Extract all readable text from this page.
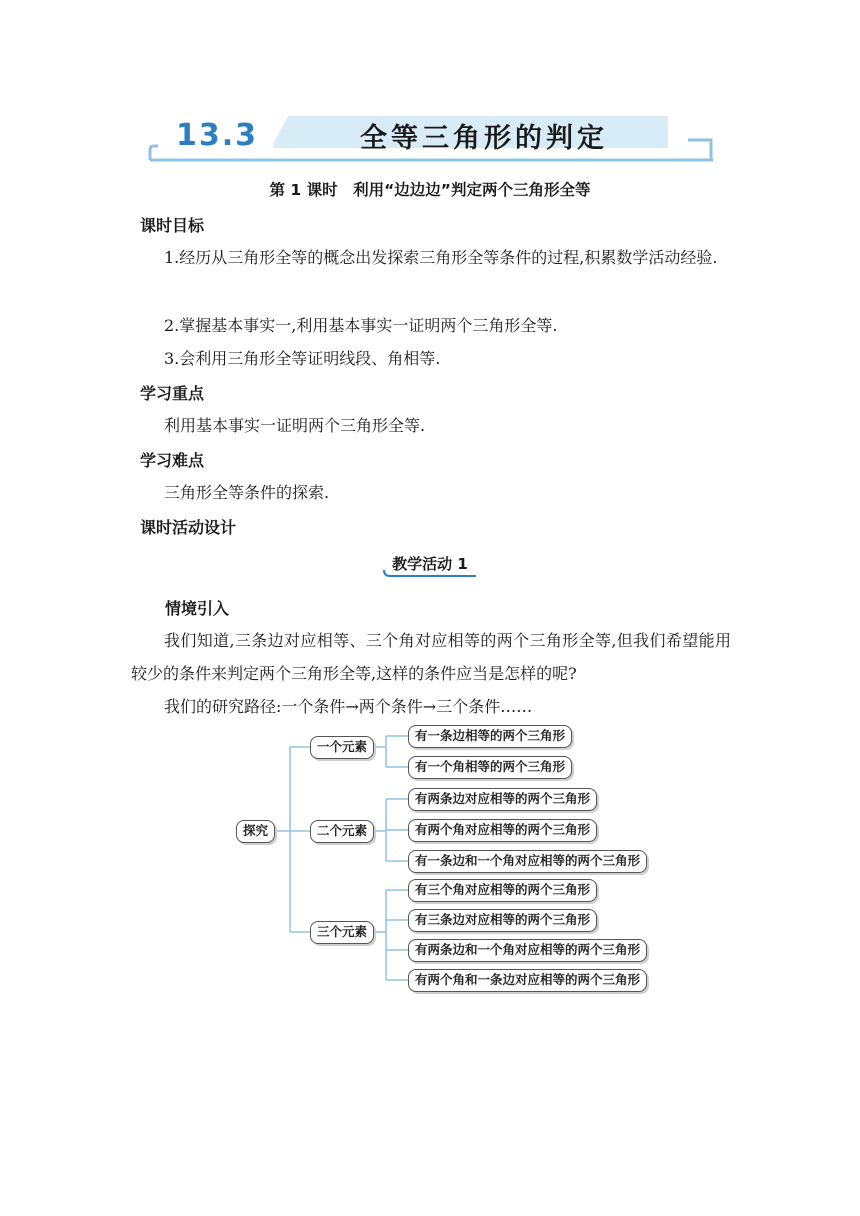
13.3	全等三角形的判定
第 1 课时　利用“边边边”判定两个三角形全等
课时目标
1.经历从三角形全等的概念出发探索三角形全等条件的过程,积累数学活动经验.
2.掌握基本事实一,利用基本事实一证明两个三角形全等.
3.会利用三角形全等证明线段、角相等.
学习重点
利用基本事实一证明两个三角形全等.
学习难点
三角形全等条件的探索.
课时活动设计
教学活动 1
情境引入
我们知道,三条边对应相等、三个角对应相等的两个三角形全等,但我们希望能用较少的条件来判定两个三角形全等,这样的条件应当是怎样的呢?
我们的研究路径:一个条件→两个条件→三个条件……
探究
一个元素
有一条边相等的两个三角形
有一个角相等的两个三角形
二个元素
有两条边对应相等的两个三角形
有两个角对应相等的两个三角形
有一条边和一个角对应相等的两个三角形
三个元素
有三个角对应相等的两个三角形
有三条边对应相等的两个三角形
有两条边和一个角对应相等的两个三角形
有两个角和一条边对应相等的两个三角形
